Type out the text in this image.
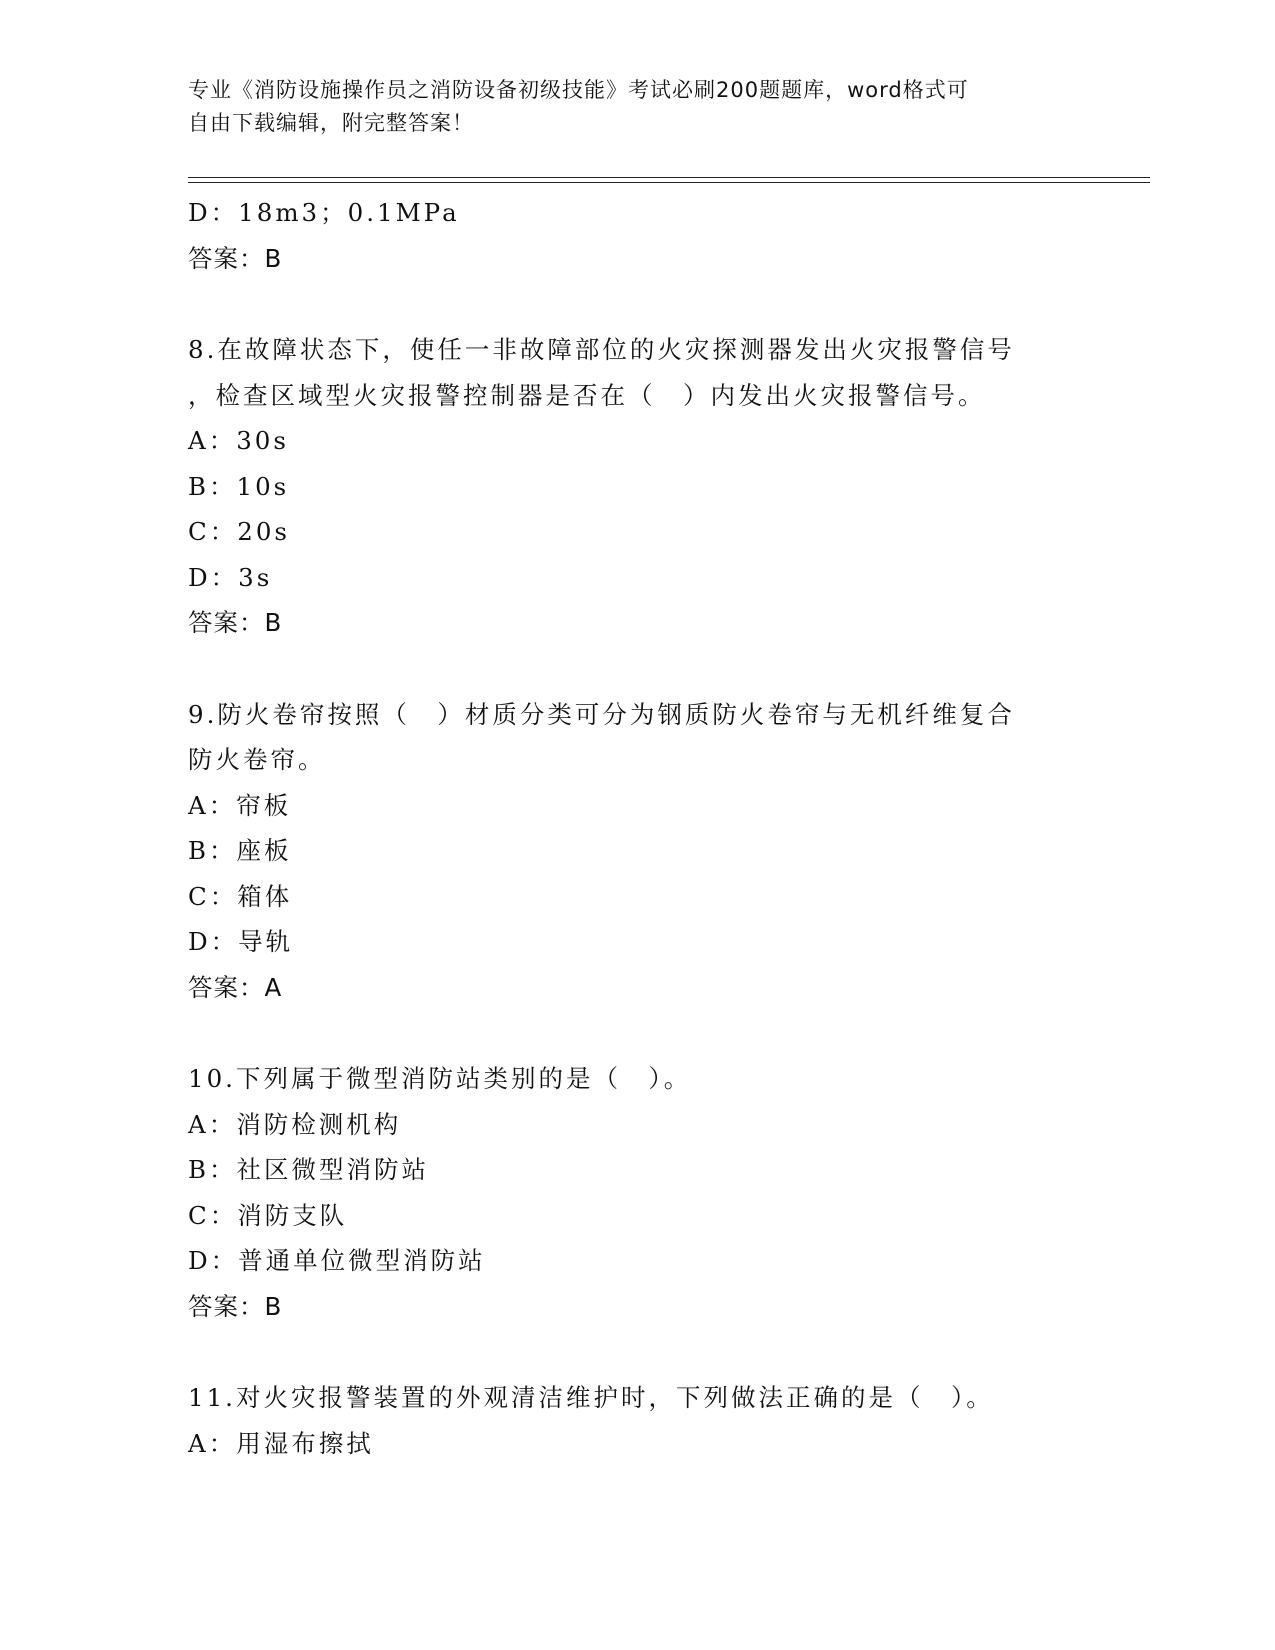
专业《消防设施操作员之消防设备初级技能》考试必刷200题题库，word格式可
自由下载编辑，附完整答案！
D：18m3；0.1MPa
答案：B
8.在故障状态下，使任一非故障部位的火灾探测器发出火灾报警信号
，检查区域型火灾报警控制器是否在（　）内发出火灾报警信号。
A：30s
B：10s
C：20s
D：3s
答案：B
9.防火卷帘按照（　）材质分类可分为钢质防火卷帘与无机纤维复合
防火卷帘。
A：帘板
B：座板
C：箱体
D：导轨
答案：A
10.下列属于微型消防站类别的是（　）。
A：消防检测机构
B：社区微型消防站
C：消防支队
D：普通单位微型消防站
答案：B
11.对火灾报警装置的外观清洁维护时，下列做法正确的是（　）。
A：用湿布擦拭
